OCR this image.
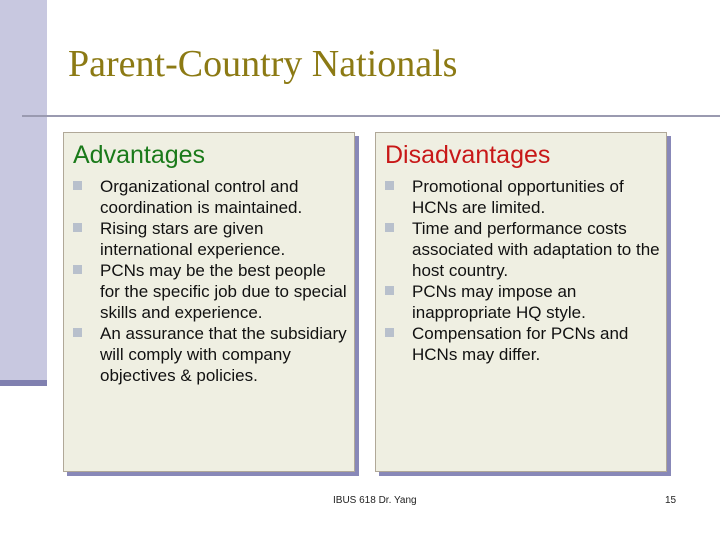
Parent-Country Nationals
Advantages
Organizational control and coordination is maintained.
Rising stars are given international experience.
PCNs may be the best people for the specific job due to special skills and experience.
An assurance that the subsidiary will comply with company objectives & policies.
Disadvantages
Promotional opportunities of HCNs are limited.
Time and performance costs associated with adaptation to the host country.
PCNs may impose an inappropriate HQ style.
Compensation for PCNs and HCNs may differ.
IBUS 618 Dr. Yang	15
